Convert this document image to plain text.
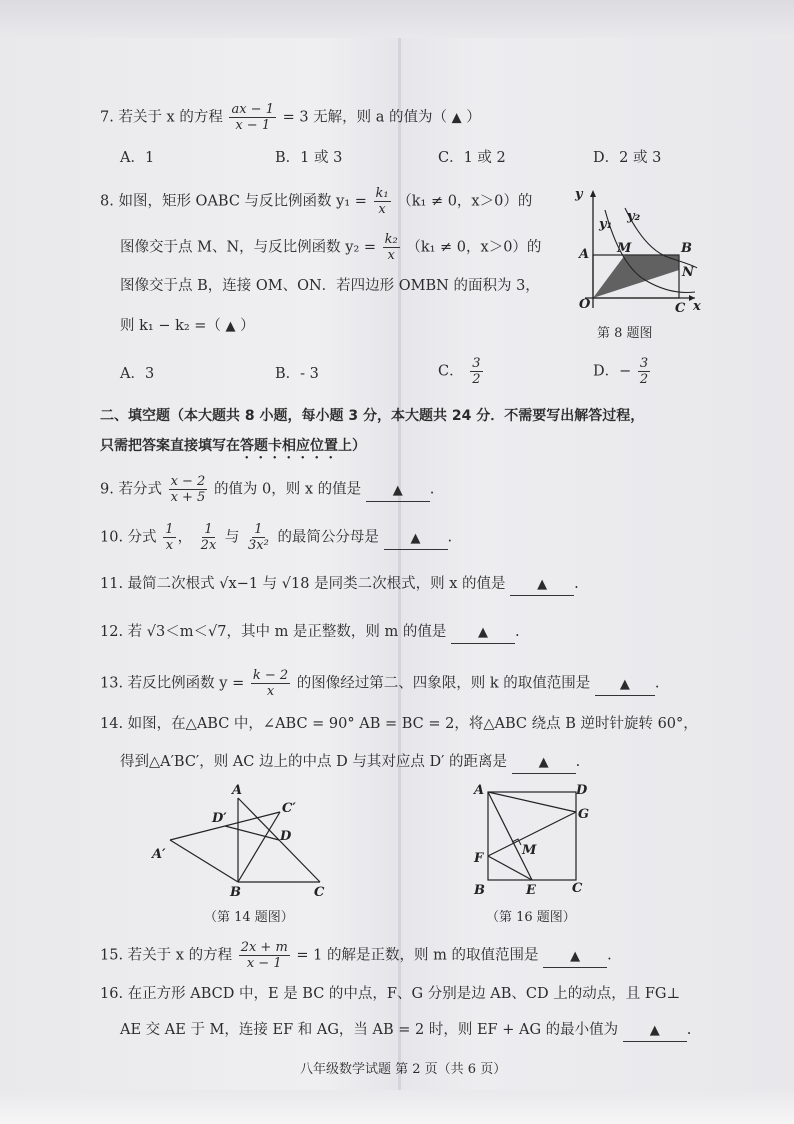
7. 若关于 x 的方程 $\frac{ax - 1}{x - 1} = 3$ 无解，则 a 的值为（ ▲ ）
A．1	B．1 或 3	C．1 或 2	D．2 或 3
8. 如图，矩形 OABC 与反比例函数 $y_1 = \frac{\text{k₁}}{x} (k_1 \ne 0$，x＞0）的
图像交于点 M、N，与反比例函数 $y_2 = \frac{\text{k₂}}{x} (k_1 \ne 0$，x＞0）的
图像交于点 B，连接 OM、ON．若四边形 OMBN 的面积为 3，
则 k₁ − k₂ =（ ▲ ）
A．3	B．- 3	C． $\frac{3}{2}$	D．− $\frac{3}{2}$
y
x
y₁
y₂
A M	B
N
O	C
第 8 题图
二、填空题（本大题共 8 小题，每小题 3 分，本大题共 24 分．不需要写出解答过程，
只需把答案直接填写在答题卡相应位置上）
9. 若分式 $\frac{x - 2}{x + 5}$ 的值为 0，则 x 的值是 ▲ .
10. 分式 $\frac{1}{x}$ ， $\frac{1}{2x}$ 与 $\frac{1}{\text{3x²}}$ 的最简公分母是 ▲ .
11. 最简二次根式 √x−1 与 √18 是同类二次根式，则 x 的值是 ▲ .
12. 若 √3＜m＜√7，其中 m 是正整数，则 m 的值是 ▲ .
13. 若反比例函数 $y = \frac{k - 2}{x}$ 的图像经过第二、四象限，则 k 的取值范围是 ▲ .
14. 如图，在△ABC 中，∠ABC = 90° AB = BC = 2，将△ABC 绕点 B 逆时针旋转 60°，
得到△A′BC′，则 AC 边上的中点 D 与其对应点 D′ 的距离是 ▲ .
A
C′
D′
D
A′
B	C
（第 14 题图）
A	D
G
M
F
B	E	C
（第 16 题图）
15. 若关于 x 的方程 $\frac{2x + m}{x - 1} = 1$ 的解是正数，则 m 的取值范围是 ▲ .
16. 在正方形 ABCD 中，E 是 BC 的中点，F、G 分别是边 AB、CD 上的动点，且 FG⊥
AE 交 AE 于 M，连接 EF 和 AG，当 AB = 2 时，则 EF + AG 的最小值为 ▲ .
八年级数学试题 第 2 页（共 6 页）
